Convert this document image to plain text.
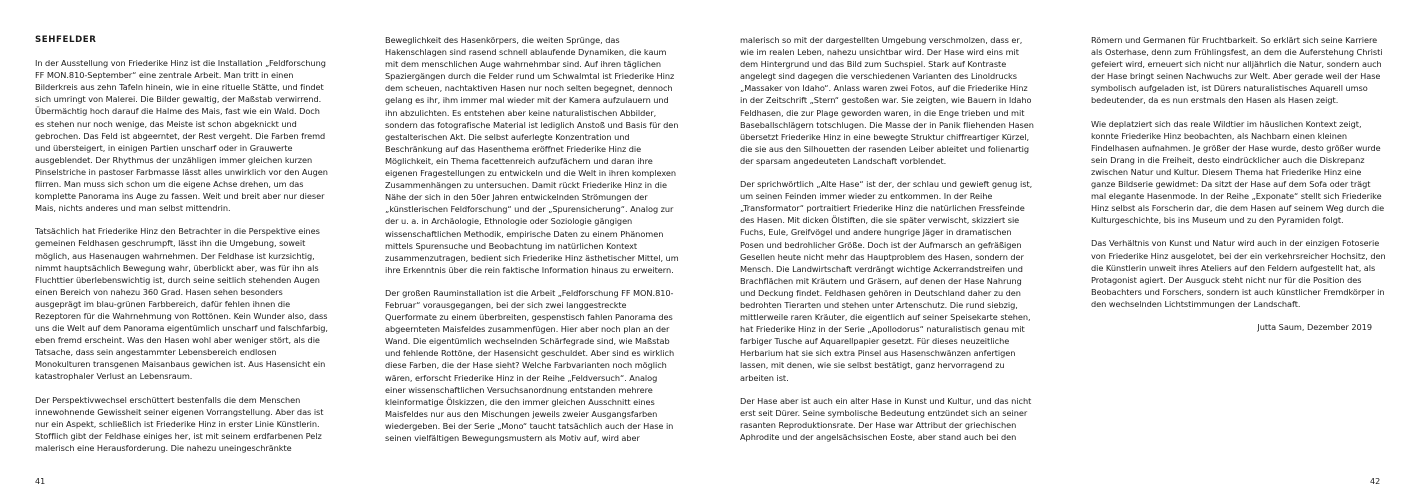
SEHFELDER

In der Ausstellung von Friederike Hinz ist die Installation „Feldforschung FF MON.810-September“ eine zentrale Arbeit. Man tritt in einen Bilderkreis aus zehn Tafeln hinein, wie in eine rituelle Stätte, und findet sich umringt von Malerei. Die Bilder gewaltig, der Maßstab verwirrend. Übermächtig hoch darauf die Halme des Mais, fast wie ein Wald. Doch es stehen nur noch wenige, das Meiste ist schon abgeknickt und gebrochen. Das Feld ist abgeerntet, der Rest vergeht. Die Farben fremd und übersteigert, in einigen Partien unscharf oder in Grauwerte ausgeblendet. Der Rhythmus der unzähligen immer gleichen kurzen Pinselstriche in pastoser Farbmasse lässt alles unwirklich vor den Augen flirren. Man muss sich schon um die eigene Achse drehen, um das komplette Panorama ins Auge zu fassen. Weit und breit aber nur dieser Mais, nichts anderes und man selbst mittendrin.

Tatsächlich hat Friederike Hinz den Betrachter in die Perspektive eines gemeinen Feldhasen geschrumpft, lässt ihn die Umgebung, soweit möglich, aus Hasenaugen wahrnehmen. Der Feldhase ist kurzsichtig, nimmt hauptsächlich Bewegung wahr, überblickt aber, was für ihn als Fluchttier überlebenswichtig ist, durch seine seitlich stehenden Augen einen Bereich von nahezu 360 Grad. Hasen sehen besonders ausgeprägt im blau-grünen Farbbereich, dafür fehlen ihnen die Rezeptoren für die Wahrnehmung von Rottönen. Kein Wunder also, dass uns die Welt auf dem Panorama eigentümlich unscharf und falschfarbig, eben fremd erscheint. Was den Hasen wohl aber weniger stört, als die Tatsache, dass sein angestammter Lebensbereich endlosen Monokulturen transgenen Maisanbaus gewichen ist. Aus Hasensicht ein katastrophaler Verlust an Lebensraum.

Der Perspektivwechsel erschüttert bestenfalls die dem Menschen innewohnende Gewissheit seiner eigenen Vorrangstellung. Aber das ist nur ein Aspekt, schließlich ist Friederike Hinz in erster Linie Künstlerin. Stofflich gibt der Feldhase einiges her, ist mit seinem erdfarbenen Pelz malerisch eine Herausforderung. Die nahezu uneingeschränkte

Beweglichkeit des Hasenkörpers, die weiten Sprünge, das Hakenschlagen sind rasend schnell ablaufende Dynamiken, die kaum mit dem menschlichen Auge wahrnehmbar sind. Auf ihren täglichen Spaziergängen durch die Felder rund um Schwalmtal ist Friederike Hinz dem scheuen, nachtaktiven Hasen nur noch selten begegnet, dennoch gelang es ihr, ihm immer mal wieder mit der Kamera aufzulauern und ihn abzulichten. Es entstehen aber keine naturalistischen Abbilder, sondern das fotografische Material ist lediglich Anstoß und Basis für den gestalterischen Akt. Die selbst auferlegte Konzentration und Beschränkung auf das Hasenthema eröffnet Friederike Hinz die Möglichkeit, ein Thema facettenreich aufzufächern und daran ihre eigenen Fragestellungen zu entwickeln und die Welt in ihren komplexen Zusammenhängen zu untersuchen. Damit rückt Friederike Hinz in die Nähe der sich in den 50er Jahren entwickelnden Strömungen der „künstlerischen Feldforschung“ und der „Spurensicherung“. Analog zur der u. a. in Archäologie, Ethnologie oder Soziologie gängigen wissenschaftlichen Methodik, empirische Daten zu einem Phänomen mittels Spurensuche und Beobachtung im natürlichen Kontext zusammenzutragen, bedient sich Friederike Hinz ästhetischer Mittel, um ihre Erkenntnis über die rein faktische Information hinaus zu erweitern.

Der großen Rauminstallation ist die Arbeit „Feldforschung FF MON.810-Februar“ vorausgegangen, bei der sich zwei langgestreckte Querformate zu einem überbreiten, gespenstisch fahlen Panorama des abgeernteten Maisfeldes zusammenfügen. Hier aber noch plan an der Wand. Die eigentümlich wechselnden Schärfegrade sind, wie Maßstab und fehlende Rottöne, der Hasensicht geschuldet. Aber sind es wirklich diese Farben, die der Hase sieht? Welche Farbvarianten noch möglich wären, erforscht Friederike Hinz in der Reihe „Feldversuch“. Analog einer wissenschaftlichen Versuchsanordnung entstanden mehrere kleinformatige Ölskizzen, die den immer gleichen Ausschnitt eines Maisfeldes nur aus den Mischungen jeweils zweier Ausgangsfarben wiedergeben. Bei der Serie „Mono“ taucht tatsächlich auch der Hase in seinen vielfältigen Bewegungsmustern als Motiv auf, wird aber

malerisch so mit der dargestellten Umgebung verschmolzen, dass er, wie im realen Leben, nahezu unsichtbar wird. Der Hase wird eins mit dem Hintergrund und das Bild zum Suchspiel. Stark auf Kontraste angelegt sind dagegen die verschiedenen Varianten des Linoldrucks „Massaker von Idaho“. Anlass waren zwei Fotos, auf die Friederike Hinz in der Zeitschrift „Stern“ gestoßen war. Sie zeigten, wie Bauern in Idaho Feldhasen, die zur Plage geworden waren, in die Enge trieben und mit Baseballschlägern totschlugen. Die Masse der in Panik fliehenden Hasen übersetzt Friederike Hinz in eine bewegte Struktur chiffreartiger Kürzel, die sie aus den Silhouetten der rasenden Leiber ableitet und folienartig der sparsam angedeuteten Landschaft vorblendet.

Der sprichwörtlich „Alte Hase“ ist der, der schlau und gewieft genug ist, um seinen Feinden immer wieder zu entkommen. In der Reihe „Transformator“ portraitiert Friederike Hinz die natürlichen Fressfeinde des Hasen. Mit dicken Ölstiften, die sie später verwischt, skizziert sie Fuchs, Eule, Greifvögel und andere hungrige Jäger in dramatischen Posen und bedrohlicher Größe. Doch ist der Aufmarsch an gefräßigen Gesellen heute nicht mehr das Hauptproblem des Hasen, sondern der Mensch. Die Landwirtschaft verdrängt wichtige Ackerrandstreifen und Brachflächen mit Kräutern und Gräsern, auf denen der Hase Nahrung und Deckung findet. Feldhasen gehören in Deutschland daher zu den bedrohten Tierarten und stehen unter Artenschutz. Die rund siebzig, mittlerweile raren Kräuter, die eigentlich auf seiner Speisekarte stehen, hat Friederike Hinz in der Serie „Apollodorus“ naturalistisch genau mit farbiger Tusche auf Aquarellpapier gesetzt. Für dieses neuzeitliche Herbarium hat sie sich extra Pinsel aus Hasenschwänzen anfertigen lassen, mit denen, wie sie selbst bestätigt, ganz hervorragend zu arbeiten ist.

Der Hase aber ist auch ein alter Hase in Kunst und Kultur, und das nicht erst seit Dürer. Seine symbolische Bedeutung entzündet sich an seiner rasanten Reproduktionsrate. Der Hase war Attribut der griechischen Aphrodite und der angelsächsischen Eoste, aber stand auch bei den

Römern und Germanen für Fruchtbarkeit. So erklärt sich seine Karriere als Osterhase, denn zum Frühlingsfest, an dem die Auferstehung Christi gefeiert wird, erneuert sich nicht nur alljährlich die Natur, sondern auch der Hase bringt seinen Nachwuchs zur Welt. Aber gerade weil der Hase symbolisch aufgeladen ist, ist Dürers naturalistisches Aquarell umso bedeutender, da es nun erstmals den Hasen als Hasen zeigt.

Wie deplatziert sich das reale Wildtier im häuslichen Kontext zeigt, konnte Friederike Hinz beobachten, als Nachbarn einen kleinen Findelhasen aufnahmen. Je größer der Hase wurde, desto größer wurde sein Drang in die Freiheit, desto eindrücklicher auch die Diskrepanz zwischen Natur und Kultur. Diesem Thema hat Friederike Hinz eine ganze Bildserie gewidmet: Da sitzt der Hase auf dem Sofa oder trägt mal elegante Hasenmode. In der Reihe „Exponate“ stellt sich Friederike Hinz selbst als Forscherin dar, die dem Hasen auf seinem Weg durch die Kulturgeschichte, bis ins Museum und zu den Pyramiden folgt.

Das Verhältnis von Kunst und Natur wird auch in der einzigen Fotoserie von Friederike Hinz ausgelotet, bei der ein verkehrsreicher Hochsitz, den die Künstlerin unweit ihres Ateliers auf den Feldern aufgestellt hat, als Protagonist agiert. Der Ausguck steht nicht nur für die Position des Beobachters und Forschers, sondern ist auch künstlicher Fremdkörper in den wechselnden Lichtstimmungen der Landschaft.

Jutta Saum, Dezember 2019

41	42
